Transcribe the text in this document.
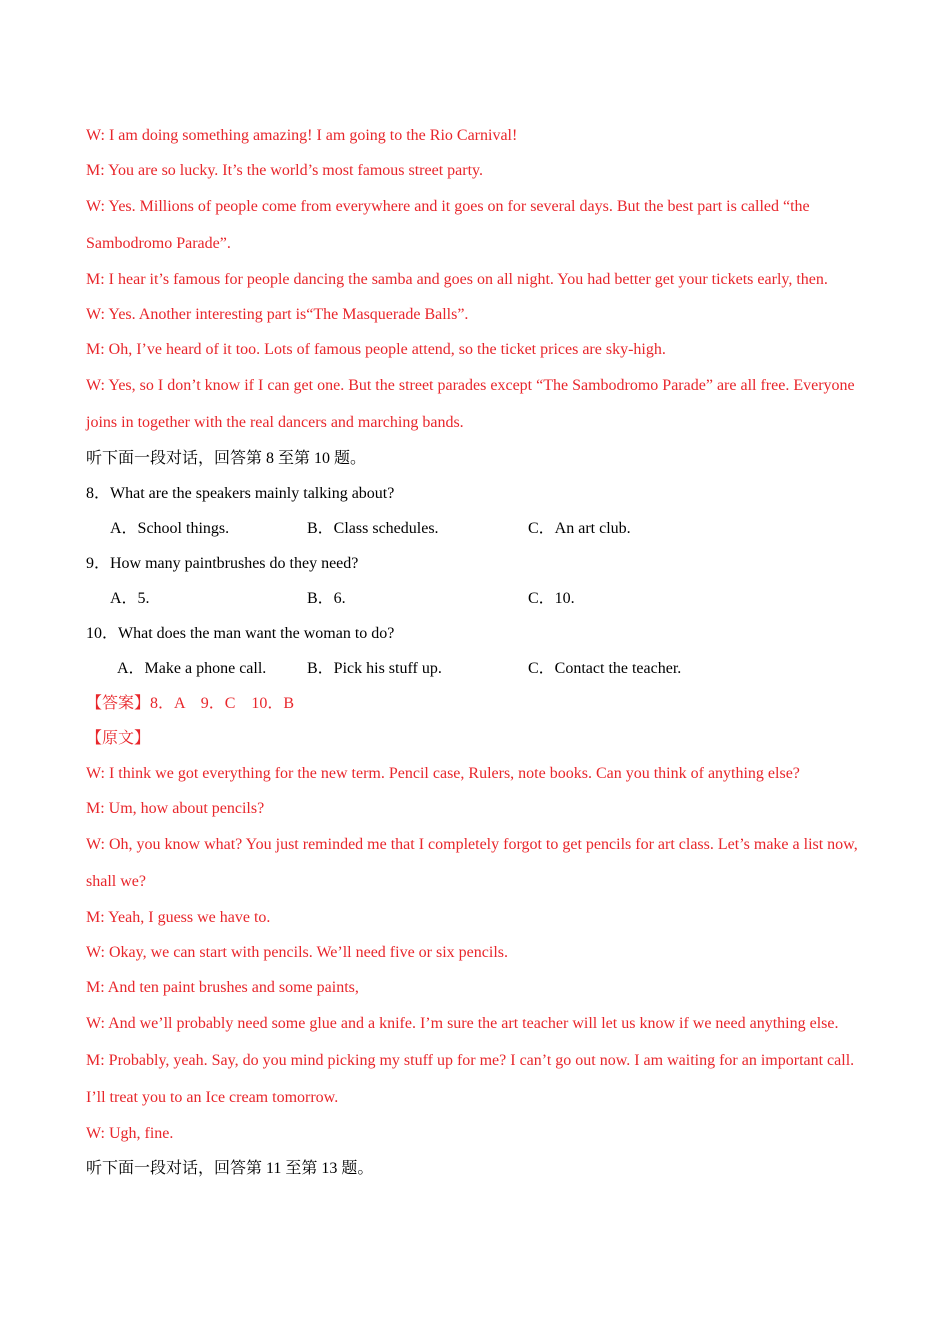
W: I am doing something amazing! I am going to the Rio Carnival!
M: You are so lucky. It’s the world’s most famous street party.
W: Yes. Millions of people come from everywhere and it goes on for several days. But the best part is called “the Sambodromo Parade”.
M: I hear it’s famous for people dancing the samba and goes on all night. You had better get your tickets early, then.
W: Yes. Another interesting part is“The Masquerade Balls”.
M: Oh, I’ve heard of it too. Lots of famous people attend, so the ticket prices are sky-high.
W: Yes, so I don’t know if I can get one. But the street parades except “The Sambodromo Parade” are all free. Everyone joins in together with the real dancers and marching bands.
听下面一段对话，回答第 8 至第 10 题。
8．What are the speakers mainly talking about?
A．School things.	B．Class schedules.	C．An art club.
9．How many paintbrushes do they need?
A．5.	B．6.	C．10.
10．What does the man want the woman to do?
A．Make a phone call.	B．Pick his stuff up.	C．Contact the teacher.
【答案】8．A　9．C　10．B
【原文】
W: I think we got everything for the new term. Pencil case, Rulers, note books. Can you think of anything else?
M: Um, how about pencils?
W: Oh, you know what? You just reminded me that I completely forgot to get pencils for art class. Let’s make a list now, shall we?
M: Yeah, I guess we have to.
W: Okay, we can start with pencils. We’ll need five or six pencils.
M: And ten paint brushes and some paints,
W: And we’ll probably need some glue and a knife. I’m sure the art teacher will let us know if we need anything else.
M: Probably, yeah. Say, do you mind picking my stuff up for me? I can’t go out now. I am waiting for an important call. I’ll treat you to an Ice cream tomorrow.
W: Ugh, fine.
听下面一段对话，回答第 11 至第 13 题。
